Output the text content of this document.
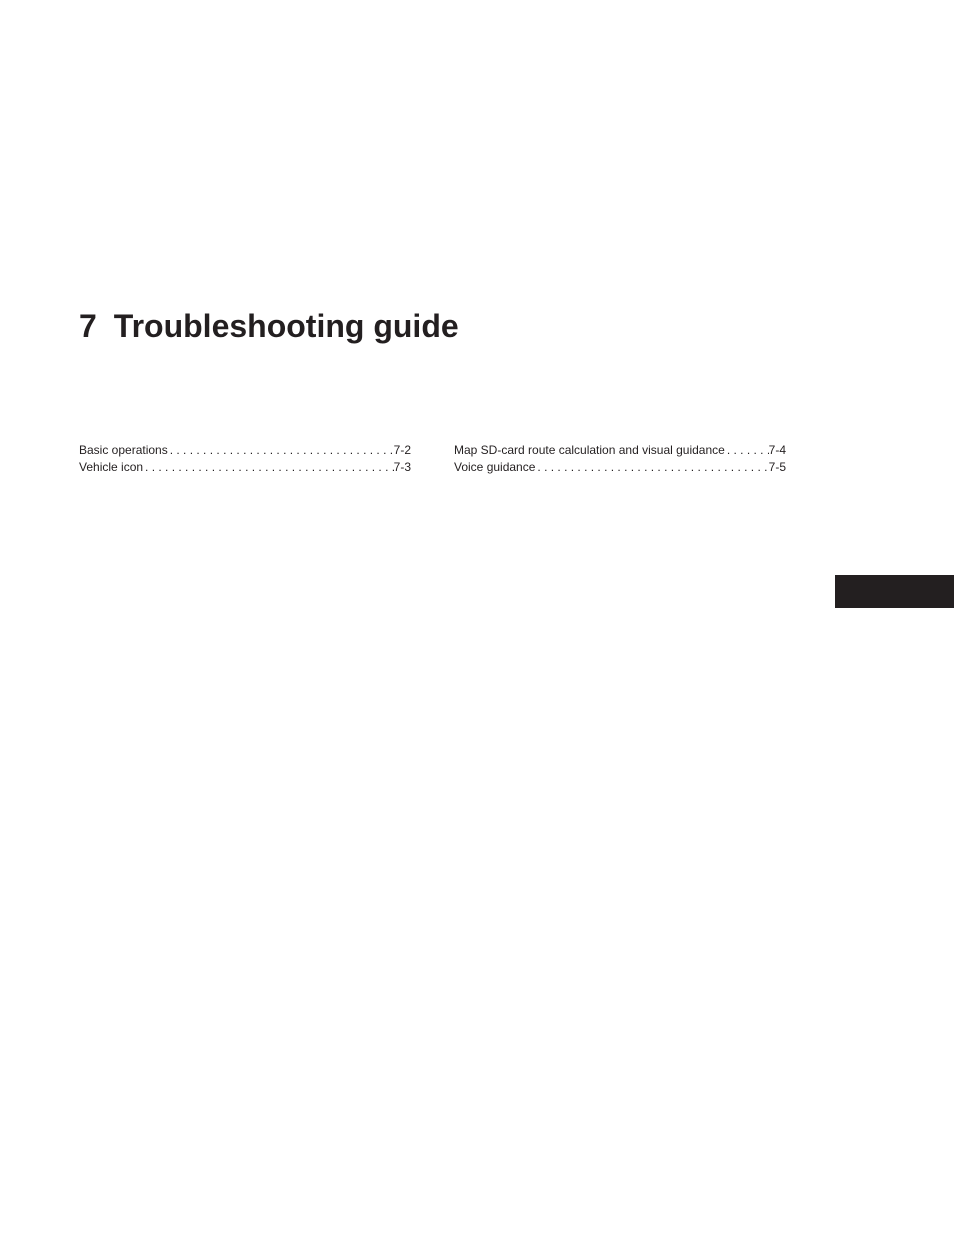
7 Troubleshooting guide
Basic operations . . .	7-2
Vehicle icon . . .	7-3
Map SD-card route calculation and visual guidance . . .	7-4
Voice guidance . . .	7-5
